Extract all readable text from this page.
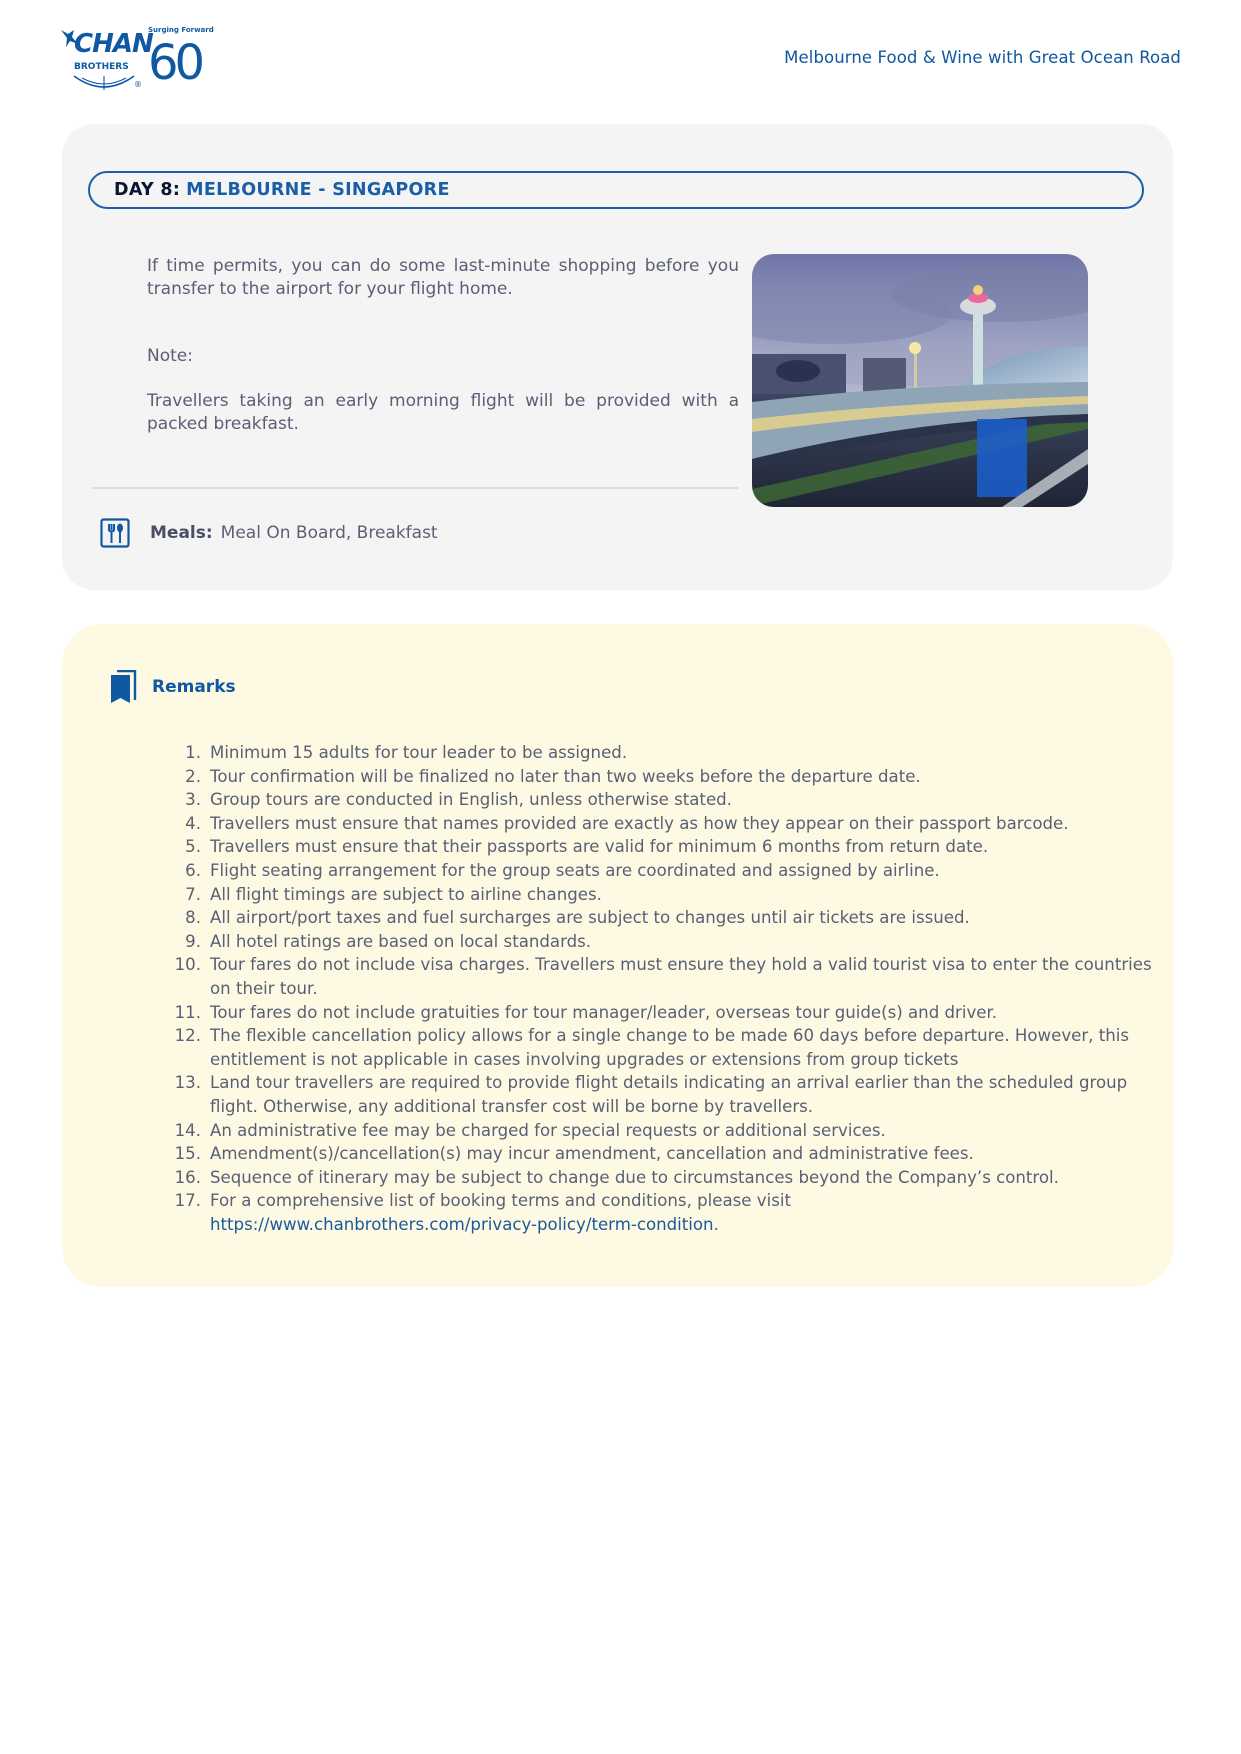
CHAN
BROTHERS
®
Surging Forward
60	Melbourne Food & Wine with Great Ocean Road
DAY 8: MELBOURNE - SINGAPORE

If time permits, you can do some last-minute shopping before you transfer to the airport for your flight home.

Note:

Travellers taking an early morning flight will be provided with a packed breakfast.

Meals: Meal On Board, Breakfast
Remarks
1. Minimum 15 adults for tour leader to be assigned.
2. Tour confirmation will be finalized no later than two weeks before the departure date.
3. Group tours are conducted in English, unless otherwise stated.
4. Travellers must ensure that names provided are exactly as how they appear on their passport barcode.
5. Travellers must ensure that their passports are valid for minimum 6 months from return date.
6. Flight seating arrangement for the group seats are coordinated and assigned by airline.
7. All flight timings are subject to airline changes.
8. All airport/port taxes and fuel surcharges are subject to changes until air tickets are issued.
9. All hotel ratings are based on local standards.
10. Tour fares do not include visa charges. Travellers must ensure they hold a valid tourist visa to enter the countries on their tour.
11. Tour fares do not include gratuities for tour manager/leader, overseas tour guide(s) and driver.
12. The flexible cancellation policy allows for a single change to be made 60 days before departure. However, this entitlement is not applicable in cases involving upgrades or extensions from group tickets
13. Land tour travellers are required to provide flight details indicating an arrival earlier than the scheduled group flight. Otherwise, any additional transfer cost will be borne by travellers.
14. An administrative fee may be charged for special requests or additional services.
15. Amendment(s)/cancellation(s) may incur amendment, cancellation and administrative fees.
16. Sequence of itinerary may be subject to change due to circumstances beyond the Company’s control.
17. For a comprehensive list of booking terms and conditions, please visit
https://www.chanbrothers.com/privacy-policy/term-condition.
